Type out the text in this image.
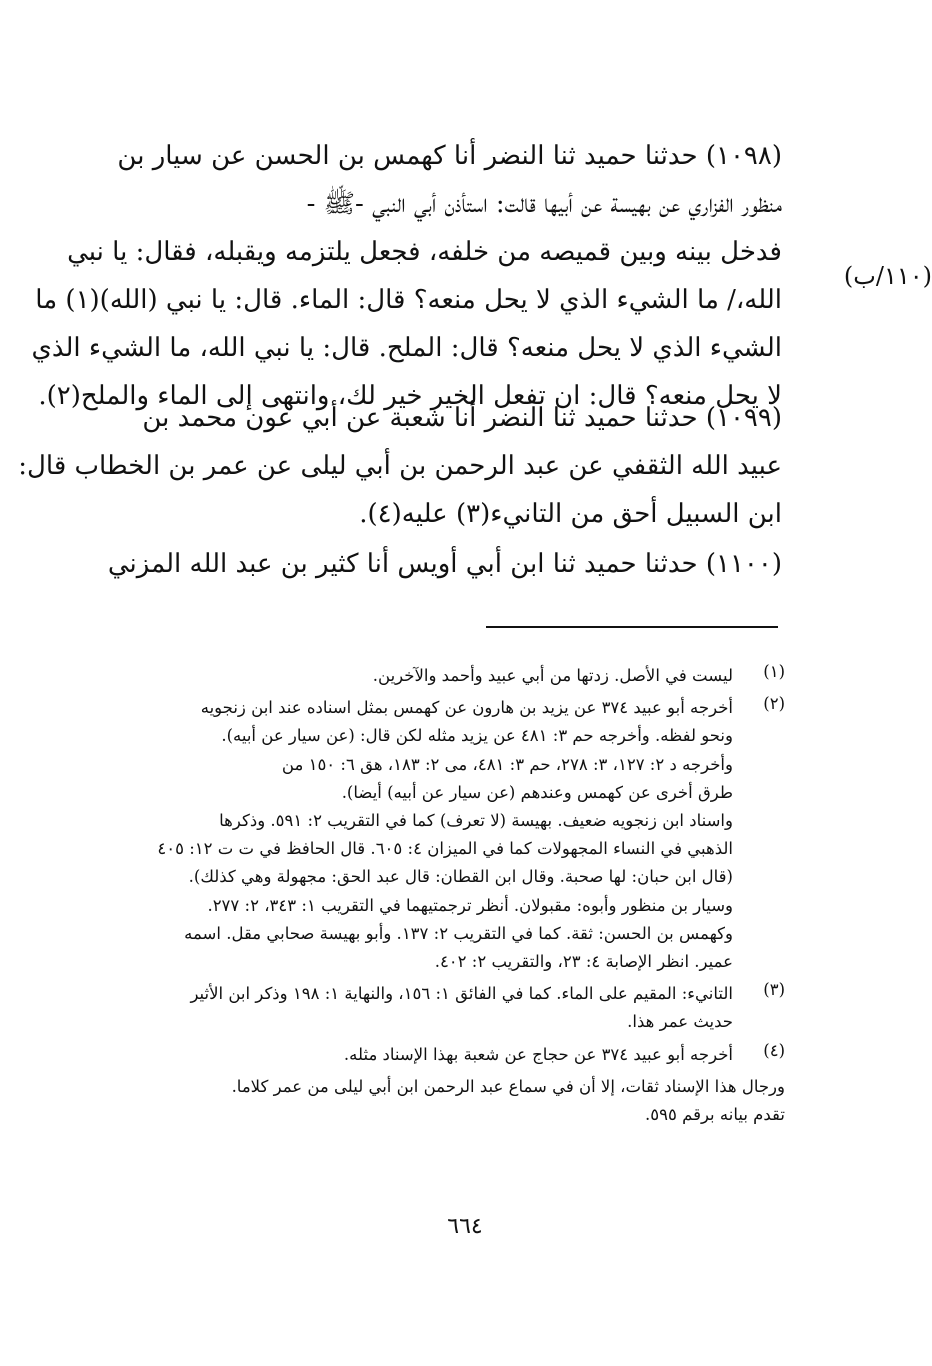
(١٠٩٨) حدثنا حميد ثنا النضر أنا كهمس بن الحسن عن سيار بن
منظور الفزاري عن بهيسة عن أبيها قالت: استأذن أبي النبي -ﷺ -
فدخل بينه وبين قميصه من خلفه، فجعل يلتزمه ويقبله، فقال: يا نبي
الله،/ ما الشيء الذي لا يحل منعه؟ قال: الماء. قال: يا نبي (الله)(١) ما
الشيء الذي لا يحل منعه؟ قال: الملح. قال: يا نبي الله، ما الشيء الذي
لا يحل منعه؟ قال: ان تفعل الخير خير لك، وانتهى إلى الماء والملح(٢).
(١١٠/ب)
(١٠٩٩) حدثنا حميد ثنا النضر أنا شعبة عن أبي عون محمد بن
عبيد الله الثقفي عن عبد الرحمن بن أبي ليلى عن عمر بن الخطاب قال:
ابن السبيل أحق من التانيء(٣) عليه(٤).
(١١٠٠) حدثنا حميد ثنا ابن أبي أويس أنا كثير بن عبد الله المزني
(١)
ليست في الأصل. زدتها من أبي عبيد وأحمد والآخرين.
(٢)
أخرجه أبو عبيد ٣٧٤ عن يزيد بن هارون عن كهمس بمثل اسناده عند ابن زنجويه
ونحو لفظه. وأخرجه حم ٣: ٤٨١ عن يزيد مثله لكن قال: (عن سيار عن أبيه).
وأخرجه د ٢: ١٢٧، ٣: ٢٧٨، حم ٣: ٤٨١، مى ٢: ١٨٣، هق ٦: ١٥٠ من
طرق أخرى عن كهمس وعندهم (عن سيار عن أبيه) أيضا).
واسناد ابن زنجويه ضعيف. بهيسة (لا تعرف) كما في التقريب ٢: ٥٩١. وذكرها
الذهبي في النساء المجهولات كما في الميزان ٤: ٦٠٥. قال الحافظ في ت ت ١٢: ٤٠٥
(قال ابن حبان: لها صحبة. وقال ابن القطان: قال عبد الحق: مجهولة وهي كذلك).
وسيار بن منظور وأبوه: مقبولان. أنظر ترجمتيهما في التقريب ١: ٣٤٣، ٢: ٢٧٧.
وكهمس بن الحسن: ثقة. كما في التقريب ٢: ١٣٧. وأبو بهيسة صحابي مقل. اسمه
عمير. انظر الإصابة ٤: ٢٣، والتقريب ٢: ٤٠٢.
(٣)
التانيء: المقيم على الماء. كما في الفائق ١: ١٥٦، والنهاية ١: ١٩٨ وذكر ابن الأثير
حديث عمر هذا.
(٤)
أخرجه أبو عبيد ٣٧٤ عن حجاج عن شعبة بهذا الإسناد مثله.
ورجال هذا الإسناد ثقات، إلا أن في سماع عبد الرحمن ابن أبي ليلى من عمر كلاما.
تقدم بيانه برقم ٥٩٥.
٦٦٤
